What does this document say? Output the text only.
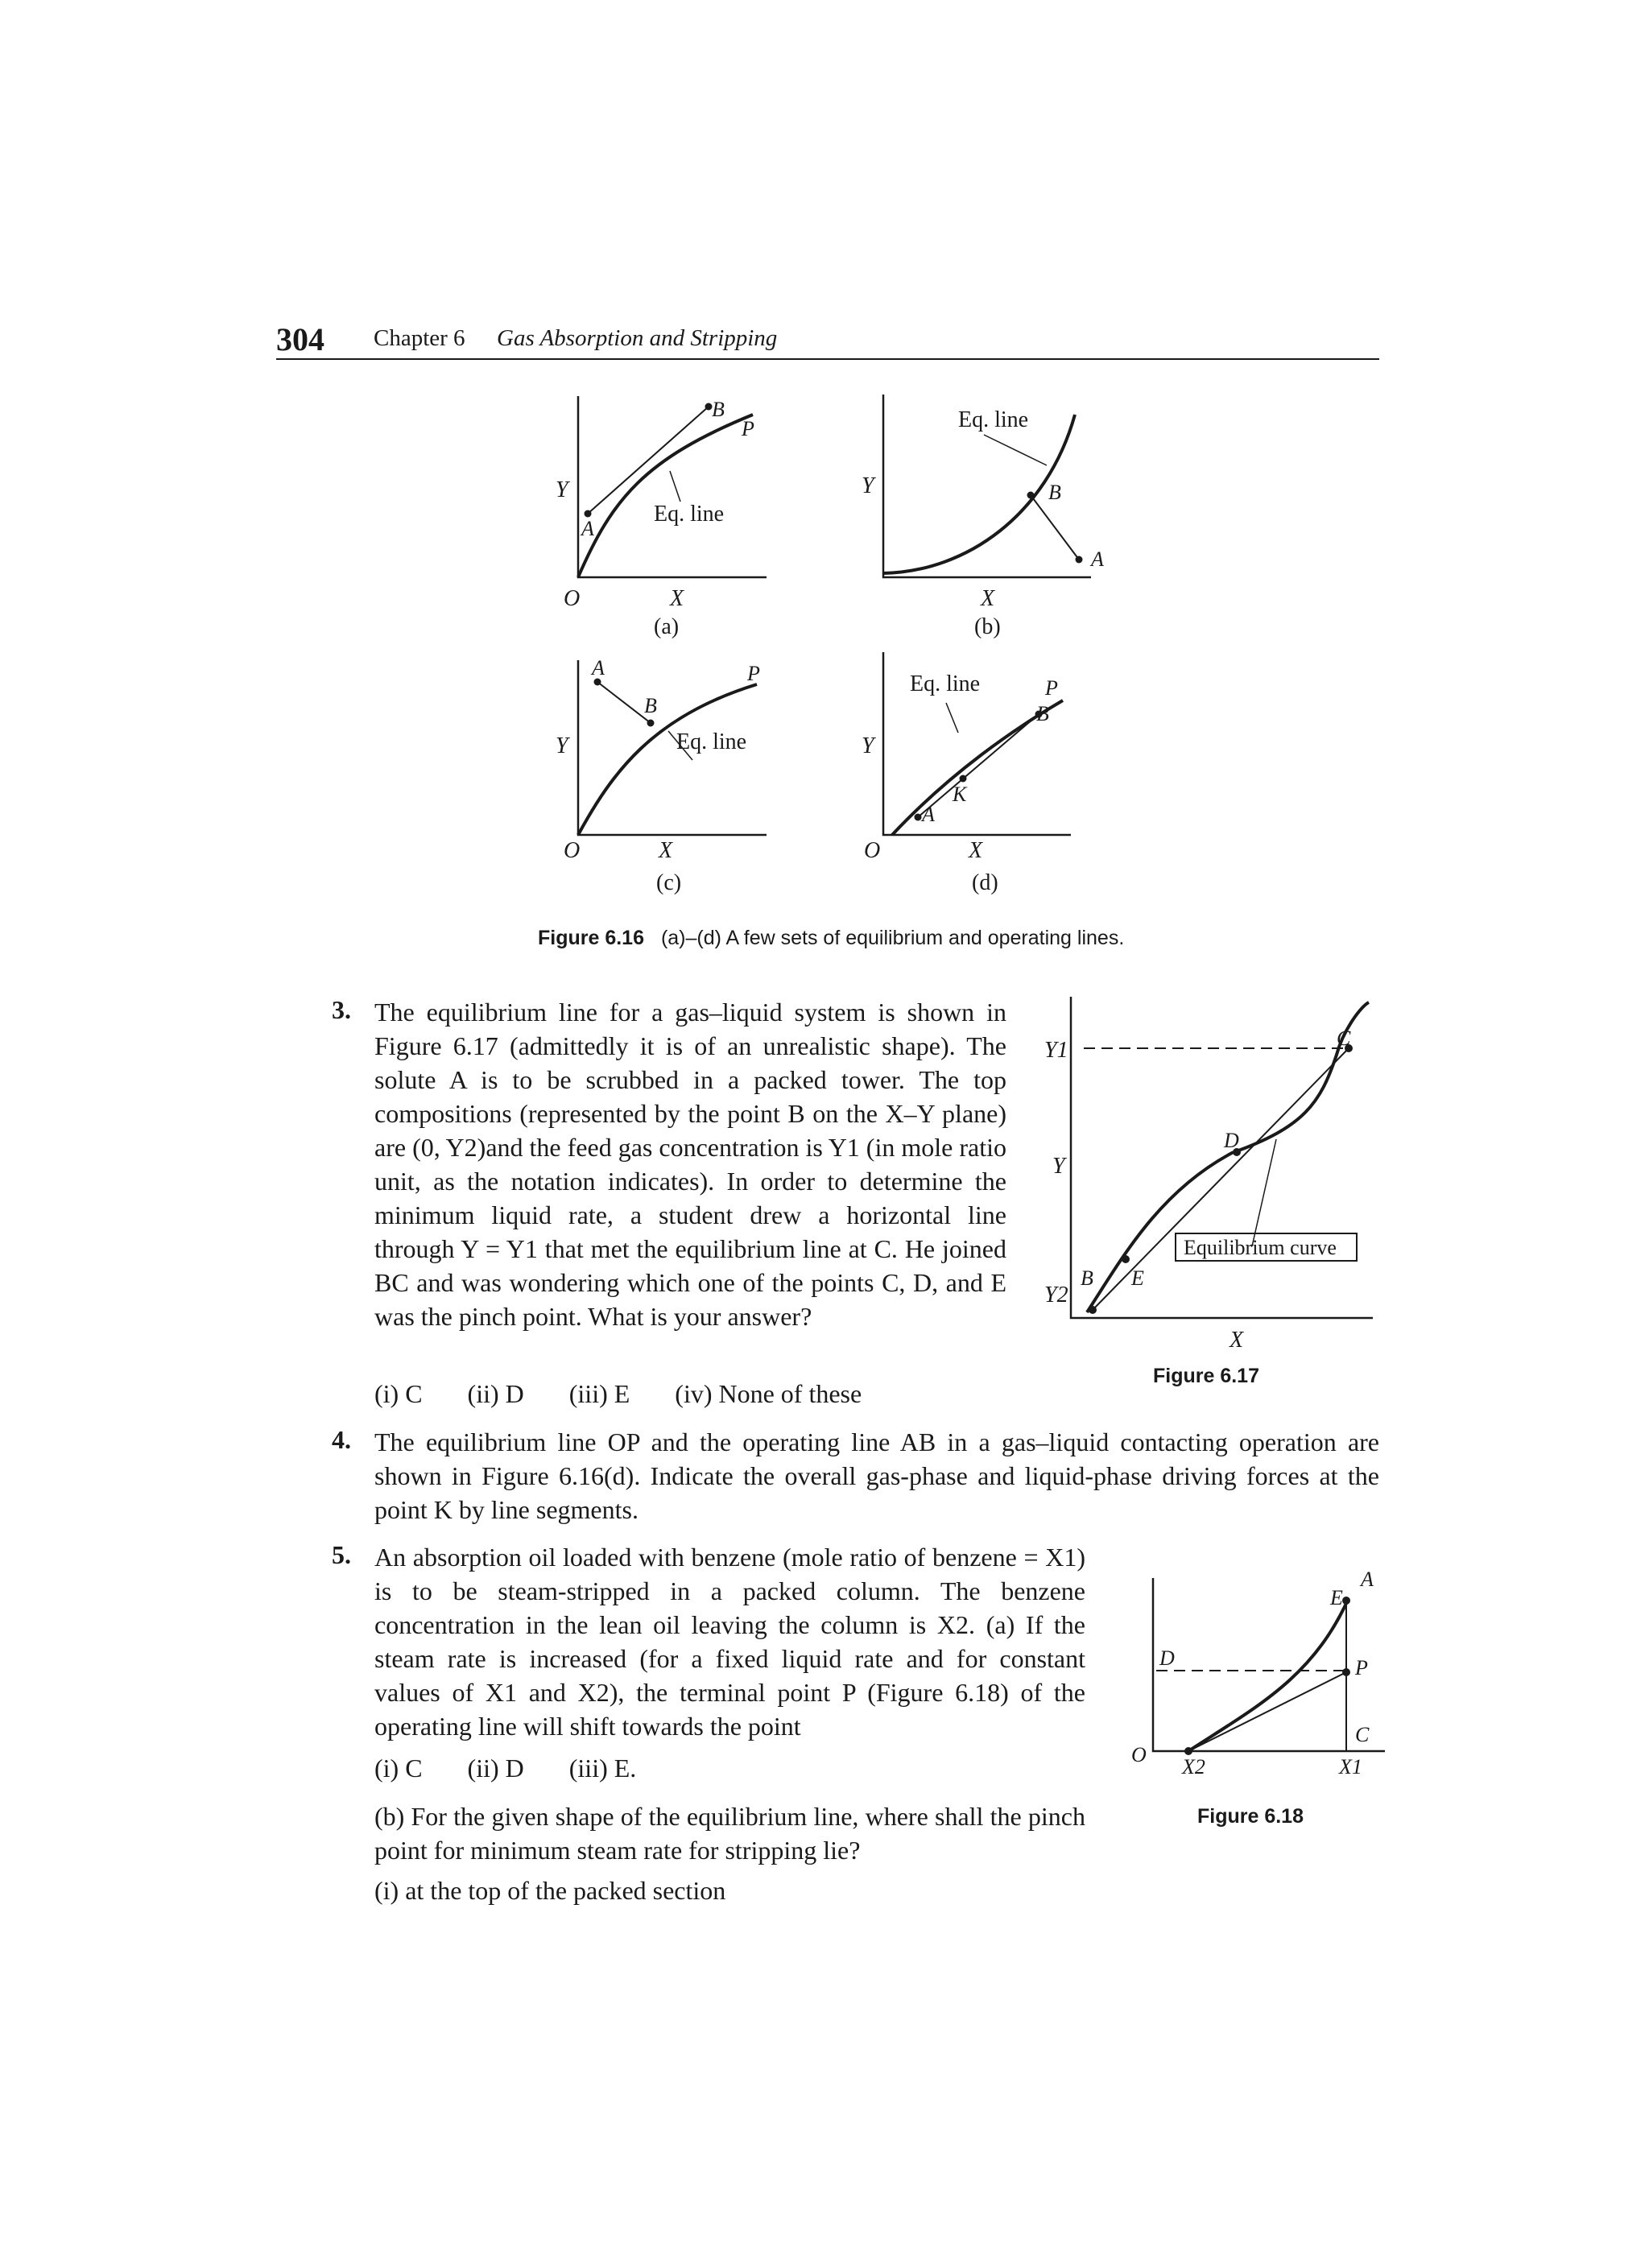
304 Chapter 6 Gas Absorption and Stripping
Y
O	X
(a)
Eq. line
A
B
P
Y
X
(b)
Eq. line
B
A
Y
O	X
(c)
Eq. line
A
B
P
Y
O	X
(d)
Eq. line	P
B
K
A
Y1
Y
Y2
X
C
D
B E
Equilibrium curve
O
X1
X2
A
E
D	P
C
Figure 6.16 (a)–(d) A few sets of equilibrium and operating lines.
3. The equilibrium line for a gas–liquid system is shown in Figure 6.17 (admittedly it is of an unrealistic shape). The solute A is to be scrubbed in a packed tower. The top compositions (represented by the point B on the X–Y plane) are (0, Y2)and the feed gas concentration is Y1 (in mole ratio unit, as the notation indicates). In order to determine the minimum liquid rate, a student drew a horizontal line through Y = Y1 that met the equilibrium line at C. He joined BC and was wondering which one of the points C, D, and E was the pinch point. What is your answer?
(i) C (ii) D (iii) E (iv) None of these
Figure 6.17
4. The equilibrium line OP and the operating line AB in a gas–liquid contacting operation are shown in Figure 6.16(d). Indicate the overall gas-phase and liquid-phase driving forces at the point K by line segments.
5. An absorption oil loaded with benzene (mole ratio of benzene = X1) is to be steam-stripped in a packed column. The benzene concentration in the lean oil leaving the column is X2. (a) If the steam rate is increased (for a fixed liquid rate and for constant values of X1 and X2), the terminal point P (Figure 6.18) of the operating line will shift towards the point
(i) C (ii) D (iii) E.
Figure 6.18
(b) For the given shape of the equilibrium line, where shall the pinch point for minimum steam rate for stripping lie?
(i) at the top of the packed section
